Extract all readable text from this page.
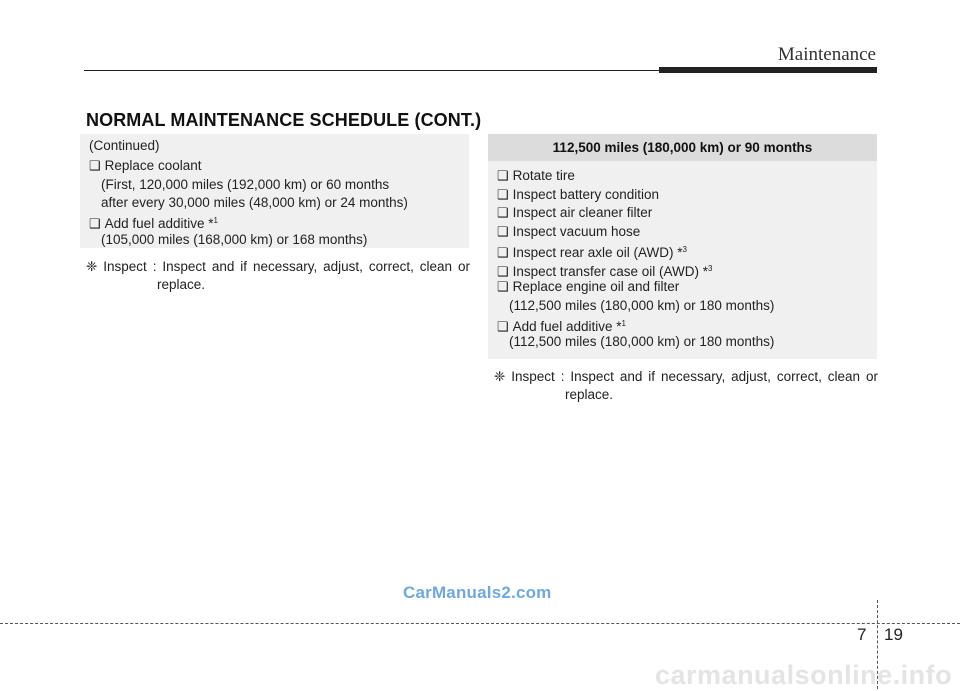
Maintenance
NORMAL MAINTENANCE SCHEDULE (CONT.)
(Continued)
❑ Replace coolant
(First, 120,000 miles (192,000 km) or 60 months
after every 30,000 miles (48,000 km) or 24 months)
❑ Add fuel additive *$^1$
(105,000 miles (168,000 km) or 168 months)
❈ Inspect : Inspect and if necessary, adjust, correct, clean or
replace.
112,500 miles (180,000 km) or 90 months
❑ Rotate tire
❑ Inspect battery condition
❑ Inspect air cleaner filter
❑ Inspect vacuum hose
❑ Inspect rear axle oil (AWD) *$^3$
❑ Inspect transfer case oil (AWD) *$^3$
❑ Replace engine oil and filter
(112,500 miles (180,000 km) or 180 months)
❑ Add fuel additive *$^1$
(112,500 miles (180,000 km) or 180 months)
❈ Inspect : Inspect and if necessary, adjust, correct, clean or
replace.
CarManuals2.com
7 19
carmanualsonline.info
